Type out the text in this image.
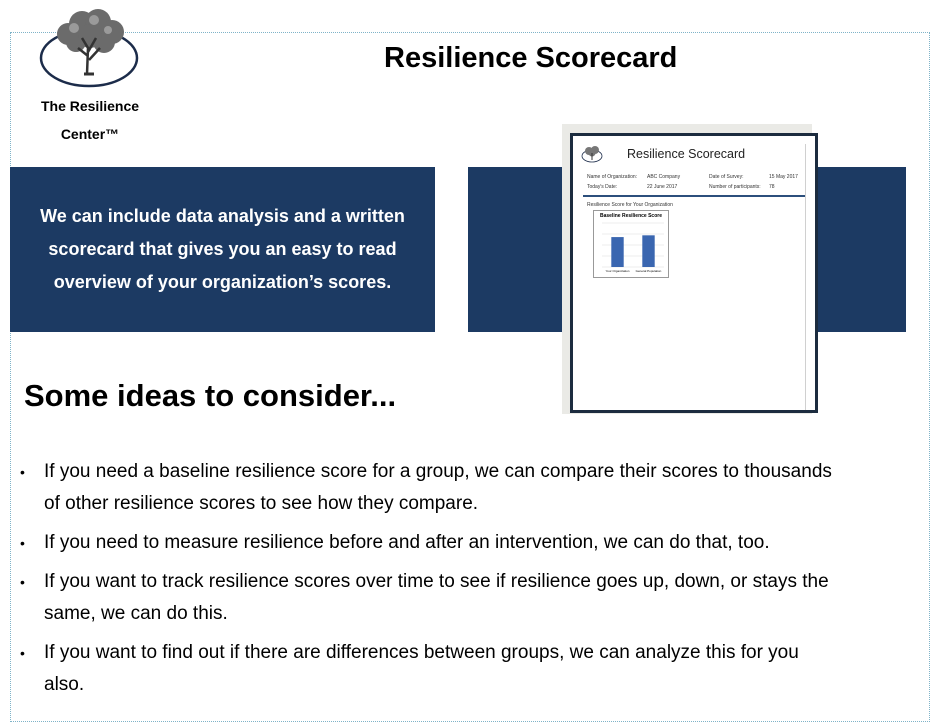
The Resilience
Center™
Resilience Scorecard
We can include data analysis and a written
scorecard that gives you an easy to read
overview of your organization’s scores.
Resilience Scorecard
Name of Organization: ABC Company	Date of Survey:	15 May 2017
Today's Date:	22 June 2017	Number of participants: 78
Resilience Score for Your Organization
Baseline Resilience Score
Your Organization General Population
Some ideas to consider...
• If you need a baseline resilience score for a group, we can compare their scores to thousands
of other resilience scores to see how they compare.
• If you need to measure resilience before and after an intervention, we can do that, too.
• If you want to track resilience scores over time to see if resilience goes up, down, or stays the
same, we can do this.
• If you want to find out if there are differences between groups, we can analyze this for you
also.
